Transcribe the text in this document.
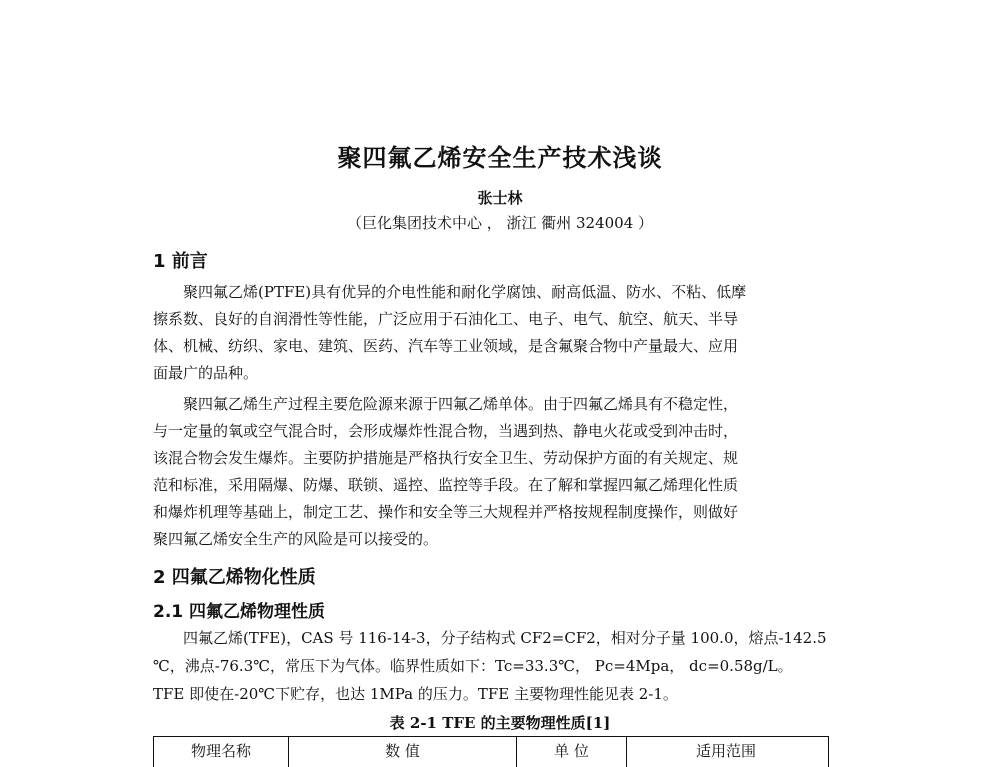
聚四氟乙烯安全生产技术浅谈
张士林
（巨化集团技术中心 ， 浙江 衢州 324004 ）
1 前言
聚四氟乙烯(PTFE)具有优异的介电性能和耐化学腐蚀、耐高低温、防水、不粘、低摩
擦系数、良好的自润滑性等性能，广泛应用于石油化工、电子、电气、航空、航天、半导
体、机械、纺织、家电、建筑、医药、汽车等工业领域，是含氟聚合物中产量最大、应用
面最广的品种。
聚四氟乙烯生产过程主要危险源来源于四氟乙烯单体。由于四氟乙烯具有不稳定性，
与一定量的氧或空气混合时，会形成爆炸性混合物，当遇到热、静电火花或受到冲击时，
该混合物会发生爆炸。主要防护措施是严格执行安全卫生、劳动保护方面的有关规定、规
范和标准，采用隔爆、防爆、联锁、遥控、监控等手段。在了解和掌握四氟乙烯理化性质
和爆炸机理等基础上，制定工艺、操作和安全等三大规程并严格按规程制度操作，则做好
聚四氟乙烯安全生产的风险是可以接受的。
2 四氟乙烯物化性质
2.1 四氟乙烯物理性质
四氟乙烯(TFE)，CAS 号 116-14-3，分子结构式 CF2=CF2，相对分子量 100.0，熔点-142.5
℃，沸点-76.3℃，常压下为气体。临界性质如下：Tc=33.3℃， Pc=4Mpa， dc=0.58g/L。
TFE 即使在-20℃下贮存，也达 1MPa 的压力。TFE 主要物理性能见表 2-1。
表 2-1 TFE 的主要物理性质[1]
物理名称	数 值	单 位	适用范围
